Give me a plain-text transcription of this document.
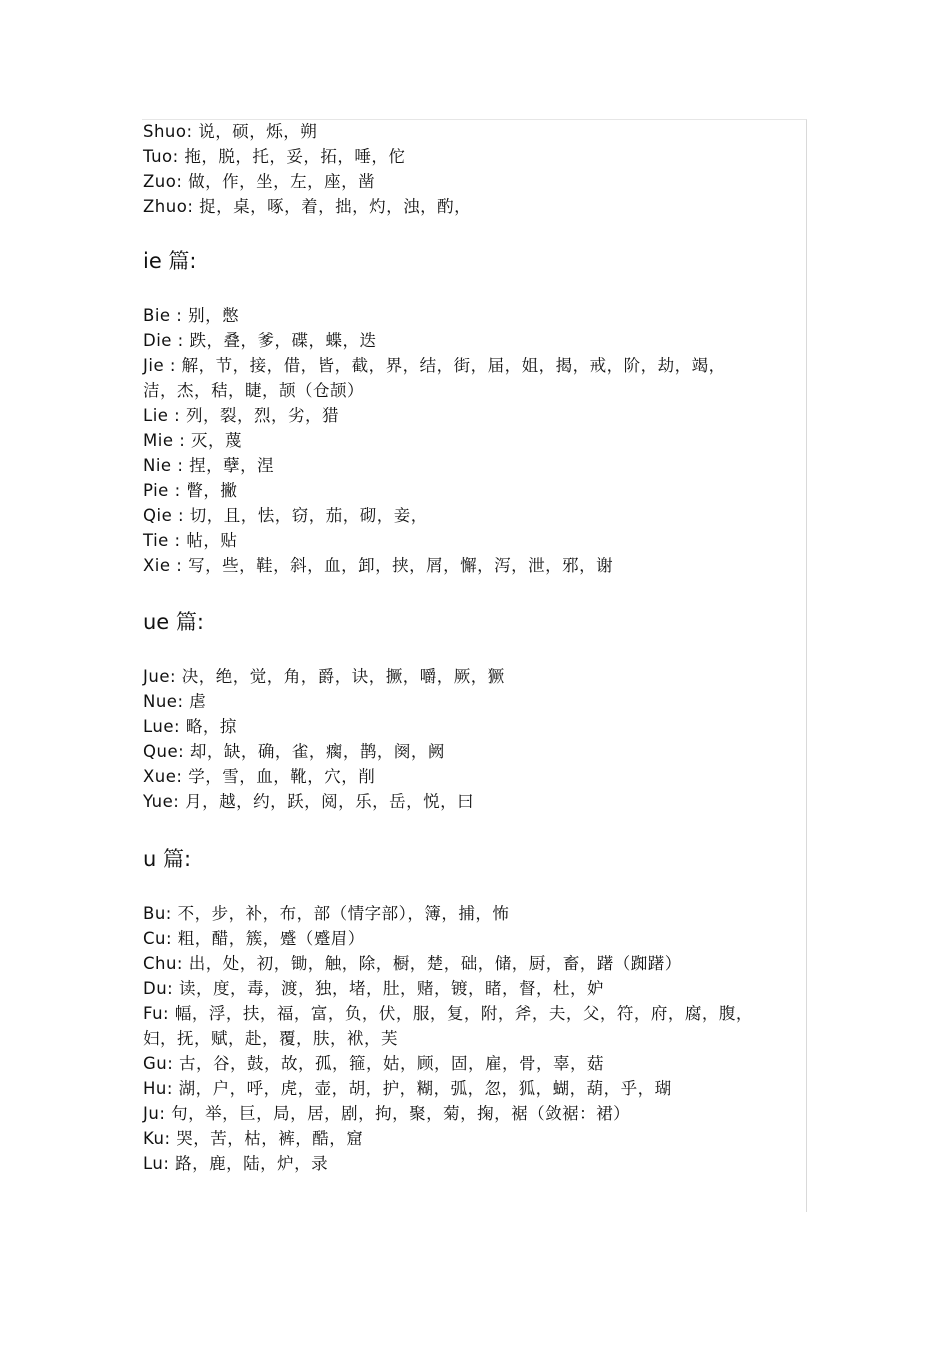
Shuo: 说，硕，烁，朔
Tuo: 拖，脱，托，妥，拓，唾，佗
Zuo: 做，作，坐，左，座，凿
Zhuo: 捉，桌，啄，着，拙，灼，浊，酌，
ie 篇:
Bie : 别，憋
Die : 跌，叠，爹，碟，蝶，迭
Jie : 解，节，接，借，皆，截，界，结，街，届，姐，揭，戒，阶，劫，竭，
洁，杰，秸，睫，颉（仓颉）
Lie : 列，裂，烈，劣，猎
Mie : 灭，蔑
Nie : 捏，孽，涅
Pie : 瞥，撇
Qie : 切，且，怯，窃，茄，砌，妾，
Tie : 帖，贴
Xie : 写，些，鞋，斜，血，卸，挟，屑，懈，泻，泄，邪，谢
ue 篇:
Jue: 决，绝，觉，角，爵，诀，撅，嚼，厥，獗
Nue: 虐
Lue: 略，掠
Que: 却，缺，确，雀，瘸，鹊，阕，阙
Xue: 学，雪，血，靴，穴，削
Yue: 月，越，约，跃，阅，乐，岳，悦，曰
u 篇:
Bu: 不，步，补，布，部（情字部），簿，捕，怖
Cu: 粗，醋，簇，蹙（蹙眉）
Chu: 出，处，初，锄，触，除，橱，楚，础，储，厨，畜，躇（踟躇）
Du: 读，度，毒，渡，独，堵，肚，赌，镀，睹，督，杜，妒
Fu: 幅，浮，扶，福，富，负，伏，服，复，附，斧，夫，父，符，府，腐，腹，
妇，抚，赋，赴，覆，肤，袱，芙
Gu: 古，谷，鼓，故，孤，箍，姑，顾，固，雇，骨，辜，菇
Hu: 湖，户，呼，虎，壶，胡，护，糊，弧，忽，狐，蝴，葫，乎，瑚
Ju: 句，举，巨，局，居，剧，拘，聚，菊，掬，裾（敛裾：裙）
Ku: 哭，苦，枯，裤，酷，窟
Lu: 路，鹿，陆，炉，录
